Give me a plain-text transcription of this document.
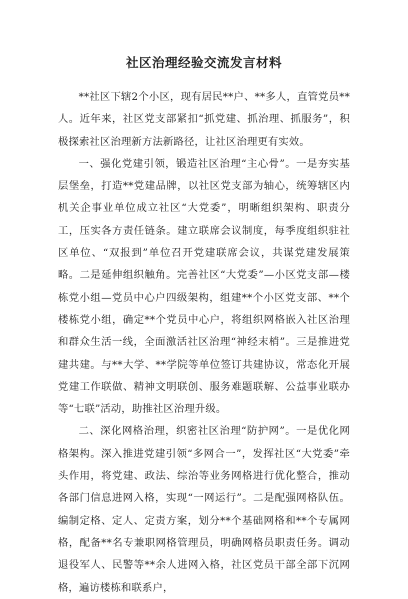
社区治理经验交流发言材料

**社区下辖2个小区，现有居民**户、**多人，直管党员**人。近年来，社区党支部紧扣“抓党建、抓治理、抓服务”，积极探索社区治理新方法新路径，让社区治理更有实效。

一、强化党建引领，锻造社区治理“主心骨”。一是夯实基层堡垒，打造**党建品牌，以社区党支部为轴心，统筹辖区内机关企事业单位成立社区“大党委”，明晰组织架构、职责分工，压实各方责任链条。建立联席会议制度，每季度组织驻社区单位、“双报到”单位召开党建联席会议，共谋党建发展策略。二是延伸组织触角。完善社区“大党委”—小区党支部—楼栋党小组—党员中心户四级架构，组建**个小区党支部、**个楼栋党小组，确定**个党员中心户，将组织网格嵌入社区治理和群众生活一线，全面激活社区治理“神经末梢”。三是推进党建共建。与**大学、**学院等单位签订共建协议，常态化开展党建工作联做、精神文明联创、服务难题联解、公益事业联办等“七联”活动，助推社区治理升级。

二、深化网格治理，织密社区治理“防护网”。一是优化网格架构。深入推进党建引领“多网合一”，发挥社区“大党委”牵头作用，将党建、政法、综治等业务网格进行优化整合，推动各部门信息进网入格，实现“一网运行”。二是配强网格队伍。编制定格、定人、定责方案，划分**个基础网格和**个专属网格，配备**名专兼职网格管理员，明确网格员职责任务。调动退役军人、民警等**余人进网入格，社区党员干部全部下沉网格，遍访楼栋和联系户，
